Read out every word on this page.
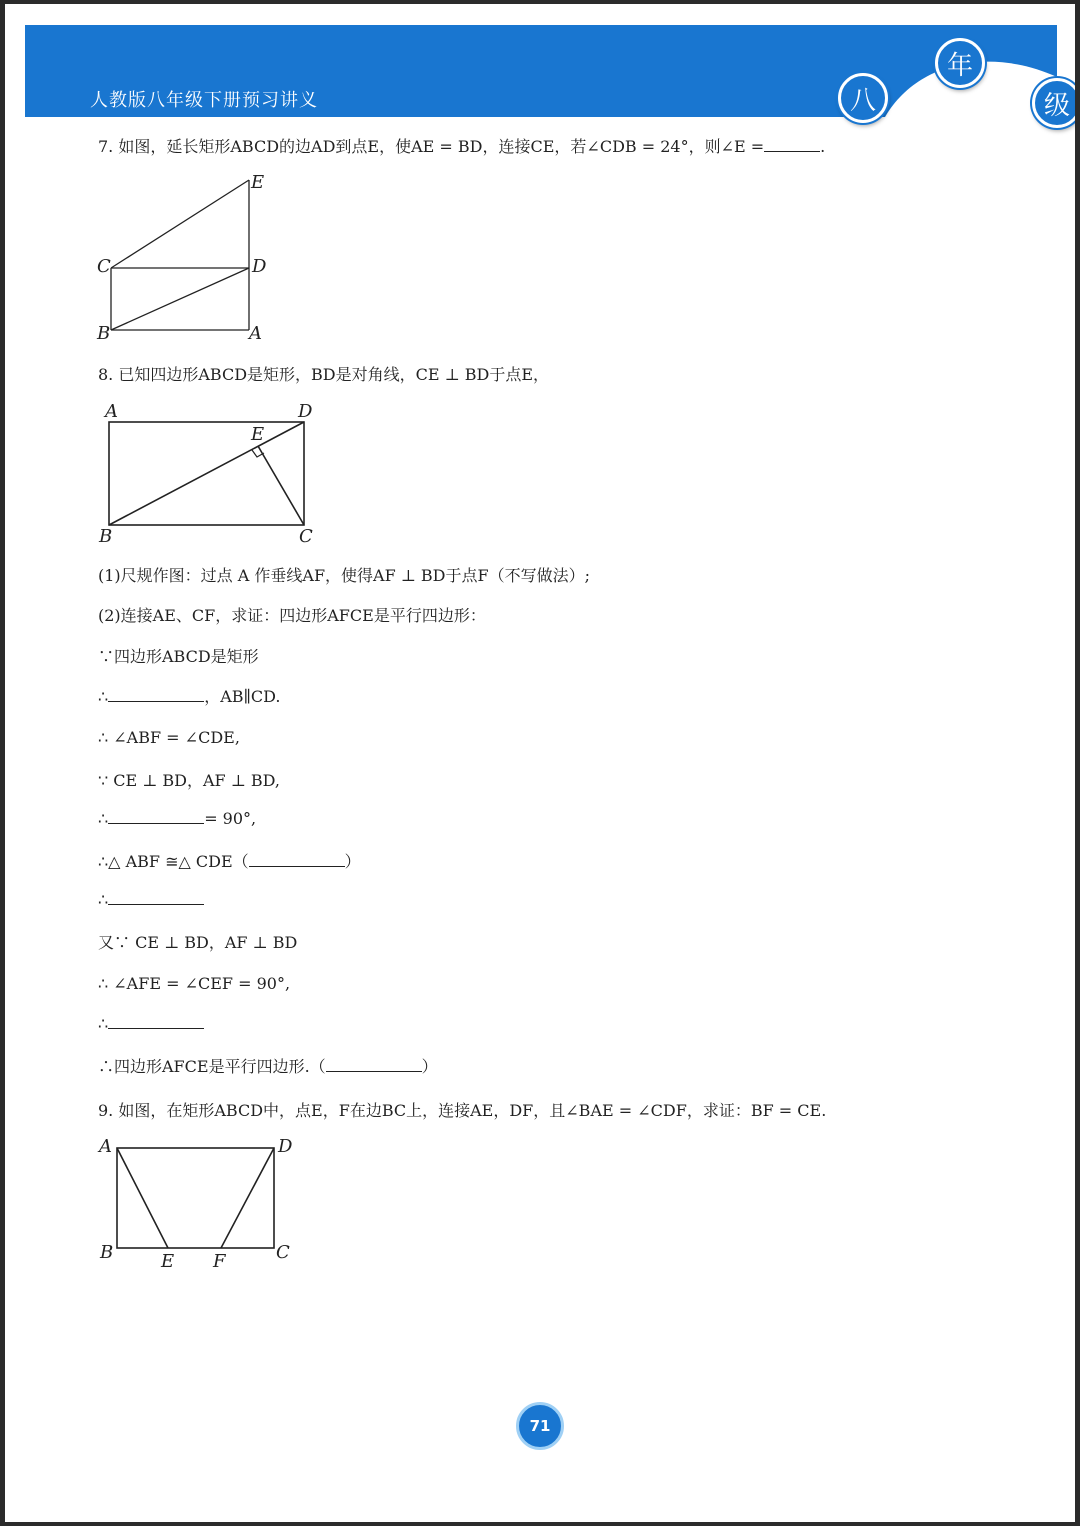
人教版八年级下册预习讲义	八
年
级
7. 如图，延长矩形ABCD的边AD到点E，使AE = BD，连接CE，若∠CDB = 24°，则∠E =	.
E
C	D
B	A
8. 已知四边形ABCD是矩形，BD是对角线，CE ⊥ BD于点E，
A	D
E
B	C
(1)尺规作图：过点 A 作垂线AF，使得AF ⊥ BD于点F（不写做法）;
(2)连接AE、CF，求证：四边形AFCE是平行四边形：
∵四边形ABCD是矩形
∴	，AB∥CD.
∴ ∠ABF = ∠CDE,
∵ CE ⊥ BD，AF ⊥ BD,
∴	= 90°,
∴△ ABF ≅△ CDE（	）
∴
又∵ CE ⊥ BD，AF ⊥ BD
∴ ∠AFE = ∠CEF = 90°,
∴
∴四边形AFCE是平行四边形.（	）
9. 如图，在矩形ABCD中，点E，F在边BC上，连接AE，DF，且∠BAE = ∠CDF，求证：BF = CE.
A	D
B	E F	C
71
